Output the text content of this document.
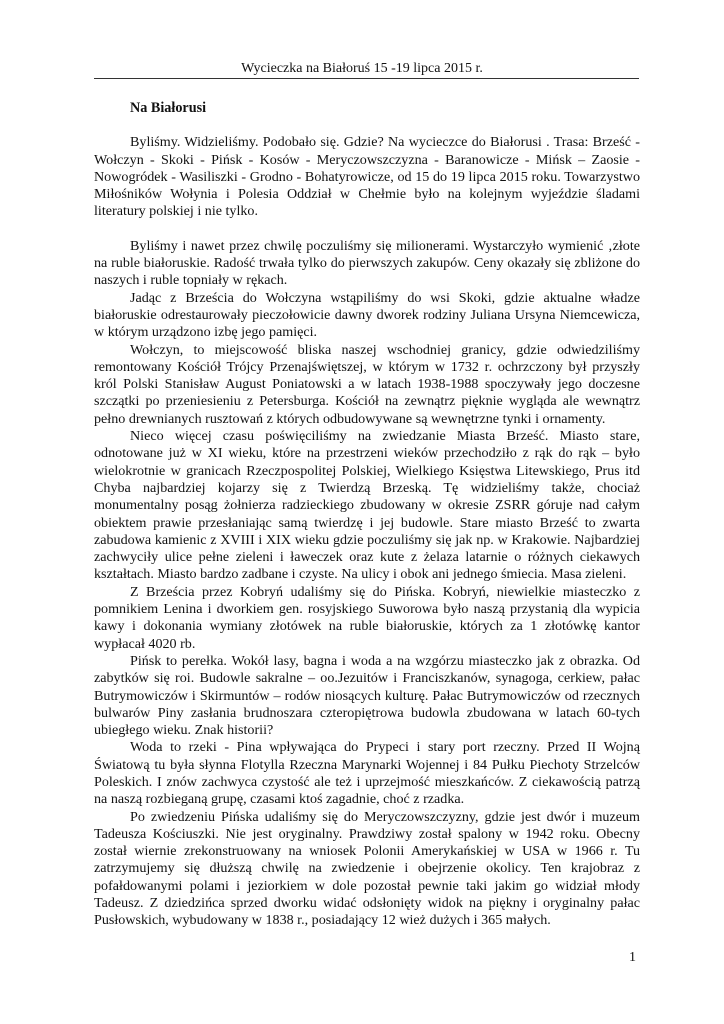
Wycieczka na Białoruś 15 -19 lipca 2015 r.

Na Białorusi

Byliśmy. Widzieliśmy. Podobało się. Gdzie? Na wycieczce do Białorusi . Trasa: Brześć -Wołczyn - Skoki - Pińsk - Kosów - Meryczowszczyzna - Baranowicze - Mińsk – Zaosie - Nowogródek - Wasiliszki - Grodno - Bohatyrowicze, od 15 do 19 lipca 2015 roku. Towarzystwo Miłośników Wołynia i Polesia Oddział w Chełmie było na kolejnym wyjeździe śladami literatury polskiej i nie tylko.

Byliśmy i nawet przez chwilę poczuliśmy się milionerami. Wystarczyło wymienić ‚złote na ruble białoruskie. Radość trwała tylko do pierwszych zakupów. Ceny okazały się zbliżone do naszych i ruble topniały w rękach.

Jadąc z Brześcia do Wołczyna wstąpiliśmy do wsi Skoki, gdzie aktualne władze białoruskie odrestaurowały pieczołowicie dawny dworek rodziny Juliana Ursyna Niemcewicza, w którym urządzono izbę jego pamięci.

Wołczyn, to miejscowość bliska naszej wschodniej granicy, gdzie odwiedziliśmy remontowany Kościół Trójcy Przenajświętszej, w którym w 1732 r. ochrzczony był przyszły król Polski Stanisław August Poniatowski a w latach 1938-1988 spoczywały jego doczesne szczątki po przeniesieniu z Petersburga. Kościół na zewnątrz pięknie wygląda ale wewnątrz pełno drewnianych rusztowań z których odbudowywane są wewnętrzne tynki i ornamenty.

Nieco więcej czasu poświęciliśmy na zwiedzanie Miasta Brześć. Miasto stare, odnotowane już w XI wieku, które na przestrzeni wieków przechodziło z rąk do rąk – było wielokrotnie w granicach Rzeczpospolitej Polskiej, Wielkiego Księstwa Litewskiego, Prus itd Chyba najbardziej kojarzy się z Twierdzą Brzeską. Tę widzieliśmy także, chociaż monumentalny posąg żołnierza radzieckiego zbudowany w okresie ZSRR góruje nad całym obiektem prawie przesłaniając samą twierdzę i jej budowle. Stare miasto Brześć to zwarta zabudowa kamienic z XVIII i XIX wieku gdzie poczuliśmy się jak np. w Krakowie. Najbardziej zachwyciły ulice pełne zieleni i ławeczek oraz kute z żelaza latarnie o różnych ciekawych kształtach. Miasto bardzo zadbane i czyste. Na ulicy i obok ani jednego śmiecia. Masa zieleni.

Z Brześcia przez Kobryń udaliśmy się do Pińska. Kobryń, niewielkie miasteczko z pomnikiem Lenina i dworkiem gen. rosyjskiego Suworowa było naszą przystanią dla wypicia kawy i dokonania wymiany złotówek na ruble białoruskie, których za 1 złotówkę kantor wypłacał 4020 rb.

Pińsk to perełka. Wokół lasy, bagna i woda a na wzgórzu miasteczko jak z obrazka. Od zabytków się roi. Budowle sakralne – oo.Jezuitów i Franciszkanów, synagoga, cerkiew, pałac Butrymowiczów i Skirmuntów – rodów niosących kulturę. Pałac Butrymowiczów od rzecznych bulwarów Piny zasłania brudnoszara czteropiętrowa budowla zbudowana w latach 60-tych ubiegłego wieku. Znak historii?

Woda to rzeki - Pina wpływająca do Prypeci i stary port rzeczny. Przed II Wojną Światową tu była słynna Flotylla Rzeczna Marynarki Wojennej i 84 Pułku Piechoty Strzelców Poleskich. I znów zachwyca czystość ale też i uprzejmość mieszkańców. Z ciekawością patrzą na naszą rozbieganą grupę, czasami ktoś zagadnie, choć z rzadka.

Po zwiedzeniu Pińska udaliśmy się do Meryczowszczyzny, gdzie jest dwór i muzeum Tadeusza Kościuszki. Nie jest oryginalny. Prawdziwy został spalony w 1942 roku. Obecny został wiernie zrekonstruowany na wniosek Polonii Amerykańskiej w USA w 1966 r. Tu zatrzymujemy się dłuższą chwilę na zwiedzenie i obejrzenie okolicy. Ten krajobraz z pofałdowanymi polami i jeziorkiem w dole pozostał pewnie taki jakim go widział młody Tadeusz. Z dziedzińca sprzed dworku widać odsłonięty widok na piękny i oryginalny pałac Pusłowskich, wybudowany w 1838 r., posiadający 12 wież dużych i 365 małych.

1
